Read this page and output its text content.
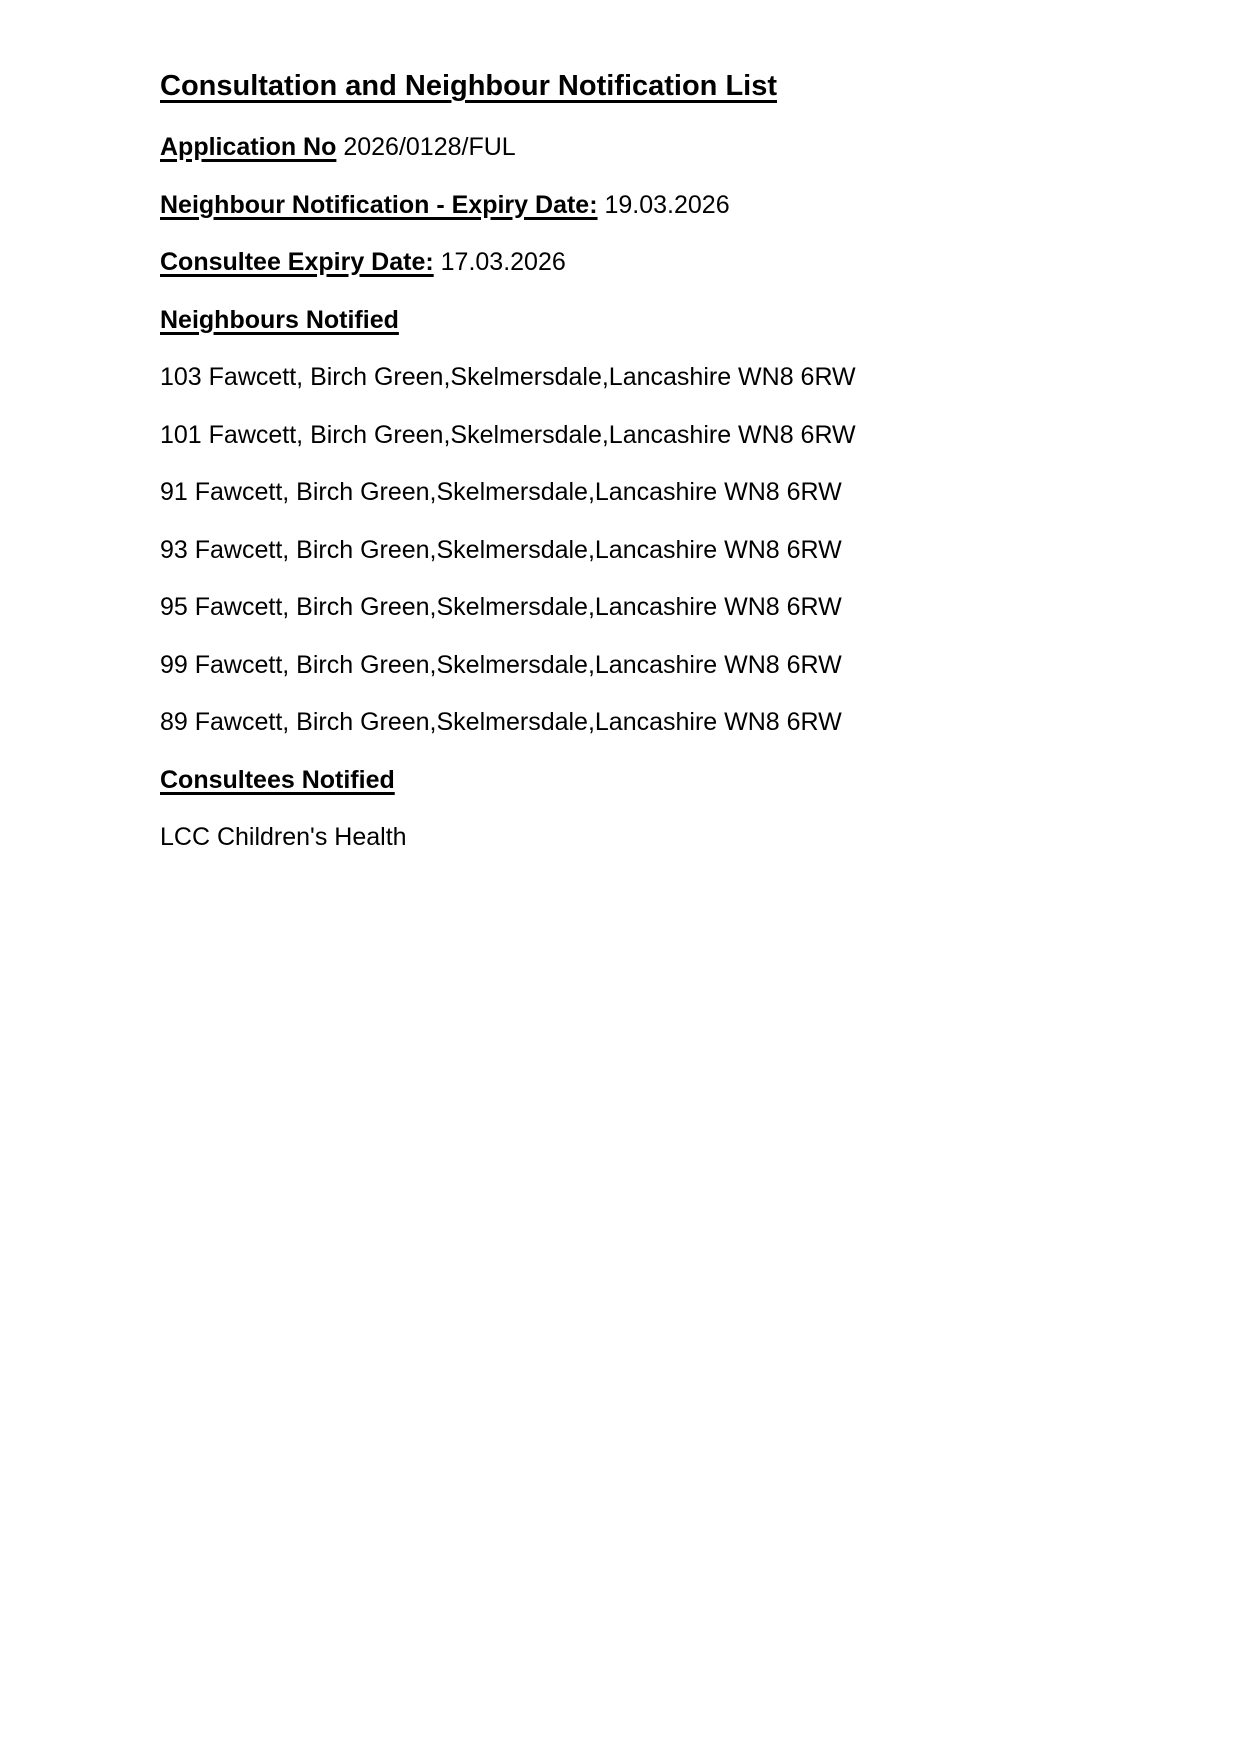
Consultation and Neighbour Notification List

Application No 2026/0128/FUL

Neighbour Notification - Expiry Date: 19.03.2026

Consultee Expiry Date: 17.03.2026

Neighbours Notified

103 Fawcett, Birch Green,Skelmersdale,Lancashire WN8 6RW

101 Fawcett, Birch Green,Skelmersdale,Lancashire WN8 6RW

91 Fawcett, Birch Green,Skelmersdale,Lancashire WN8 6RW

93 Fawcett, Birch Green,Skelmersdale,Lancashire WN8 6RW

95 Fawcett, Birch Green,Skelmersdale,Lancashire WN8 6RW

99 Fawcett, Birch Green,Skelmersdale,Lancashire WN8 6RW

89 Fawcett, Birch Green,Skelmersdale,Lancashire WN8 6RW

Consultees Notified

LCC Children's Health
